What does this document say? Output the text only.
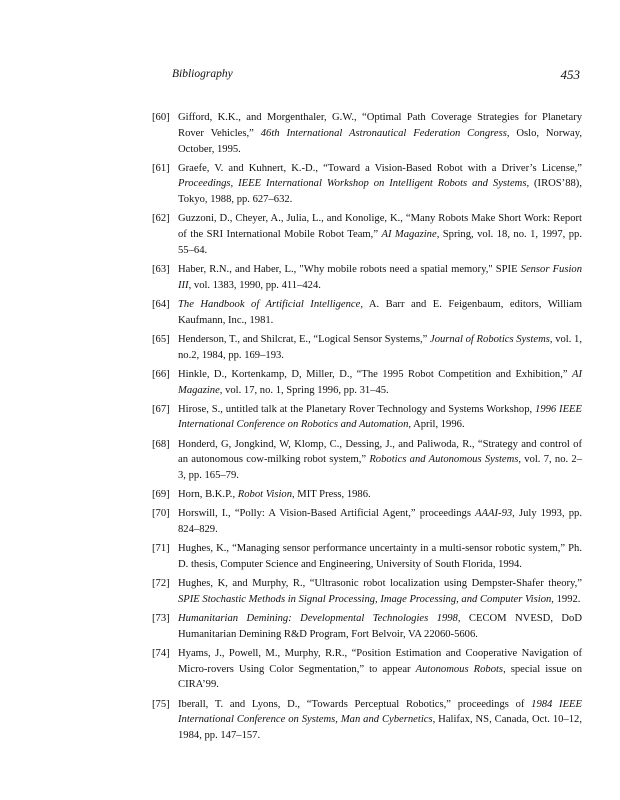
Bibliography	453
[60] Gifford, K.K., and Morgenthaler, G.W., “Optimal Path Coverage Strategies for Planetary Rover Vehicles,” 46th International Astronautical Federation Congress, Oslo, Norway, October, 1995.
[61] Graefe, V. and Kuhnert, K.-D., “Toward a Vision-Based Robot with a Driver’s License,” Proceedings, IEEE International Workshop on Intelligent Robots and Systems, (IROS’88), Tokyo, 1988, pp. 627–632.
[62] Guzzoni, D., Cheyer, A., Julia, L., and Konolige, K., “Many Robots Make Short Work: Report of the SRI International Mobile Robot Team,” AI Magazine, Spring, vol. 18, no. 1, 1997, pp. 55–64.
[63] Haber, R.N., and Haber, L., "Why mobile robots need a spatial memory," SPIE Sensor Fusion III, vol. 1383, 1990, pp. 411–424.
[64] The Handbook of Artificial Intelligence, A. Barr and E. Feigenbaum, editors, William Kaufmann, Inc., 1981.
[65] Henderson, T., and Shilcrat, E., “Logical Sensor Systems,” Journal of Robotics Systems, vol. 1, no.2, 1984, pp. 169–193.
[66] Hinkle, D., Kortenkamp, D, Miller, D., “The 1995 Robot Competition and Exhibition,” AI Magazine, vol. 17, no. 1, Spring 1996, pp. 31–45.
[67] Hirose, S., untitled talk at the Planetary Rover Technology and Systems Workshop, 1996 IEEE International Conference on Robotics and Automation, April, 1996.
[68] Honderd, G, Jongkind, W, Klomp, C., Dessing, J., and Paliwoda, R., “Strategy and control of an autonomous cow-milking robot system,” Robotics and Autonomous Systems, vol. 7, no. 2–3, pp. 165–79.
[69] Horn, B.K.P., Robot Vision, MIT Press, 1986.
[70] Horswill, I., “Polly: A Vision-Based Artificial Agent,” proceedings AAAI-93, July 1993, pp. 824–829.
[71] Hughes, K., “Managing sensor performance uncertainty in a multi-sensor robotic system,” Ph. D. thesis, Computer Science and Engineering, University of South Florida, 1994.
[72] Hughes, K, and Murphy, R., “Ultrasonic robot localization using Dempster-Shafer theory,” SPIE Stochastic Methods in Signal Processing, Image Processing, and Computer Vision, 1992.
[73] Humanitarian Demining: Developmental Technologies 1998, CECOM NVESD, DoD Humanitarian Demining R&D Program, Fort Belvoir, VA 22060-5606.
[74] Hyams, J., Powell, M., Murphy, R.R., “Position Estimation and Cooperative Navigation of Micro-rovers Using Color Segmentation,” to appear Autonomous Robots, special issue on CIRA’99.
[75] Iberall, T. and Lyons, D., “Towards Perceptual Robotics,” proceedings of 1984 IEEE International Conference on Systems, Man and Cybernetics, Halifax, NS, Canada, Oct. 10–12, 1984, pp. 147–157.
